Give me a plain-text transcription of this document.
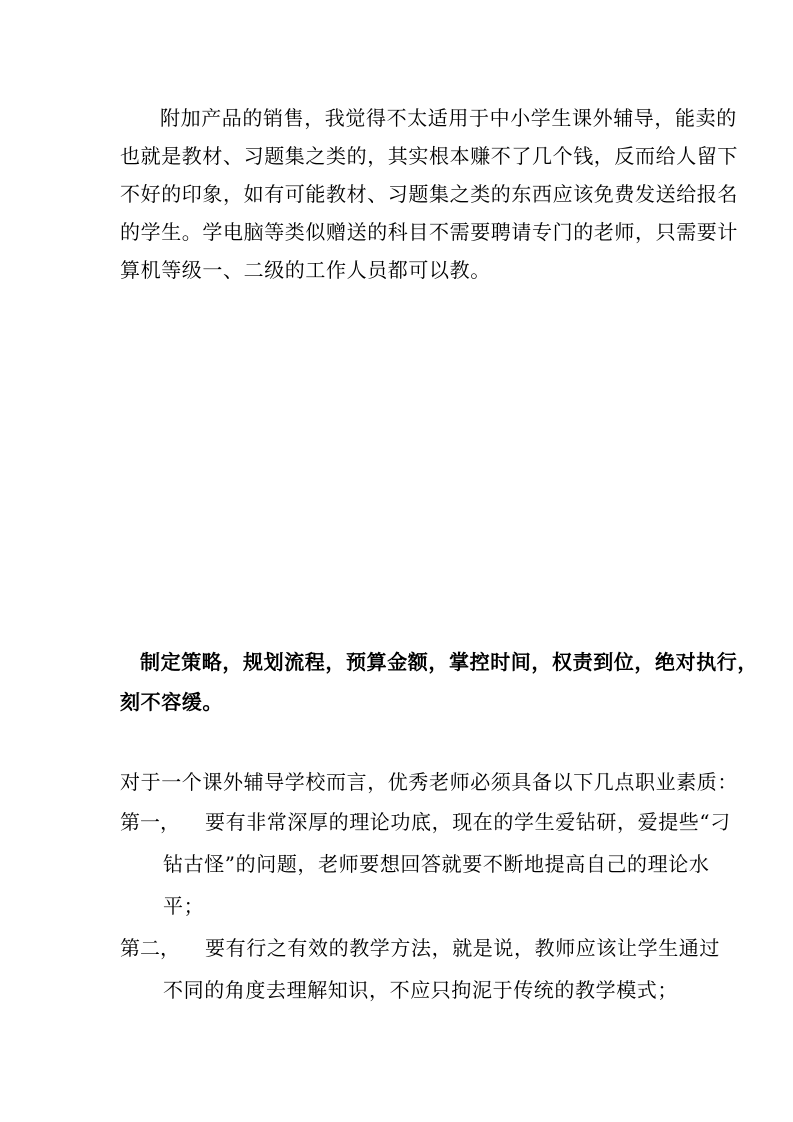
附加产品的销售，我觉得不太适用于中小学生课外辅导，能卖的
也就是教材、习题集之类的，其实根本赚不了几个钱，反而给人留下
不好的印象，如有可能教材、习题集之类的东西应该免费发送给报名
的学生。学电脑等类似赠送的科目不需要聘请专门的老师，只需要计
算机等级一、二级的工作人员都可以教。
制定策略，规划流程，预算金额，掌控时间，权责到位，绝对执行，
刻不容缓。
对于一个课外辅导学校而言，优秀老师必须具备以下几点职业素质：
第一， 要有非常深厚的理论功底，现在的学生爱钻研，爱提些“刁
钻古怪”的问题，老师要想回答就要不断地提高自己的理论水
平；
第二， 要有行之有效的教学方法，就是说，教师应该让学生通过
不同的角度去理解知识，不应只拘泥于传统的教学模式；
